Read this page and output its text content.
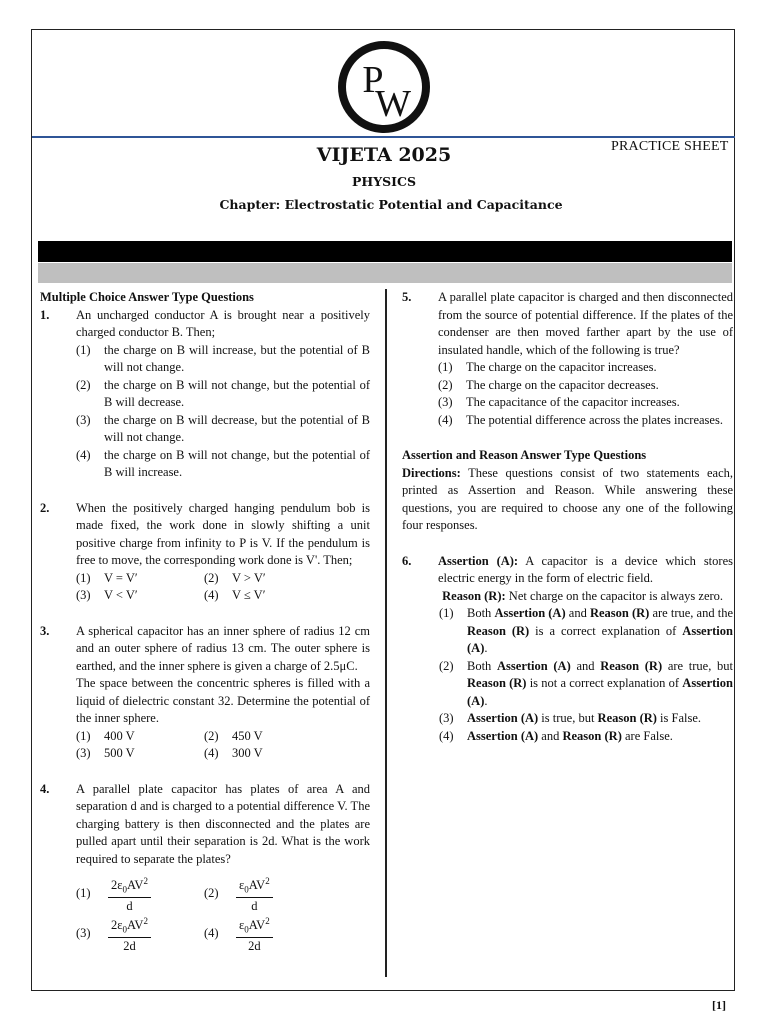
P
W
PRACTICE SHEET
VIJETA 2025
PHYSICS
Chapter: Electrostatic Potential and Capacitance
Multiple Choice Answer Type Questions
1.	An uncharged conductor A is brought near a positively charged conductor B. Then;
(1)	the charge on B will increase, but the potential of B will not change.
(2)	the charge on B will not change, but the potential of B will decrease.
(3)	the charge on B will decrease, but the potential of B will not change.
(4)	the charge on B will not change, but the potential of B will increase.
2.	When the positively charged hanging pendulum bob is made fixed, the work done in slowly shifting a unit positive charge from infinity to P is V. If the pendulum is free to move, the corresponding work done is V'. Then;
(1)	V = V′	(2)	V > V′
(3)	V < V′	(4)	V ≤ V′
3.	A spherical capacitor has an inner sphere of radius 12 cm and an outer sphere of radius 13 cm. The outer sphere is earthed, and the inner sphere is given a charge of 2.5μC.
The space between the concentric spheres is filled with a liquid of dielectric constant 32. Determine the potential of the inner sphere.
(1)	400 V	(2)	450 V
(3)	500 V	(4)	300 V
4.	A parallel plate capacitor has plates of area A and separation d and is charged to a potential difference V. The charging battery is then disconnected and the plates are pulled apart until their separation is 2d. What is the work required to separate the plates?
(1)	$\frac{2\varepsilon_0AV^2}{d}$	(2)	$\frac{\varepsilon_0AV^2}{d}$
(3)	$\frac{2\varepsilon_0AV^2}{2d}$	(4)	$\frac{\varepsilon_0AV^2}{2d}$
5.	A parallel plate capacitor is charged and then disconnected from the source of potential difference. If the plates of the condenser are then moved farther apart by the use of insulated handle, which of the following is true?
(1)	The charge on the capacitor increases.
(2)	The charge on the capacitor decreases.
(3)	The capacitance of the capacitor increases.
(4)	The potential difference across the plates increases.
Assertion and Reason Answer Type Questions
Directions: These questions consist of two statements each, printed as Assertion and Reason. While answering these questions, you are required to choose any one of the following four responses.
6.	Assertion (A): A capacitor is a device which stores electric energy in the form of electric field.
Reason (R): Net charge on the capacitor is always zero.
(1)	Both Assertion (A) and Reason (R) are true, and the Reason (R) is a correct explanation of Assertion (A).
(2)	Both Assertion (A) and Reason (R) are true, but Reason (R) is not a correct explanation of Assertion (A).
(3)	Assertion (A) is true, but Reason (R) is False.
(4)	Assertion (A) and Reason (R) are False.
[1]
